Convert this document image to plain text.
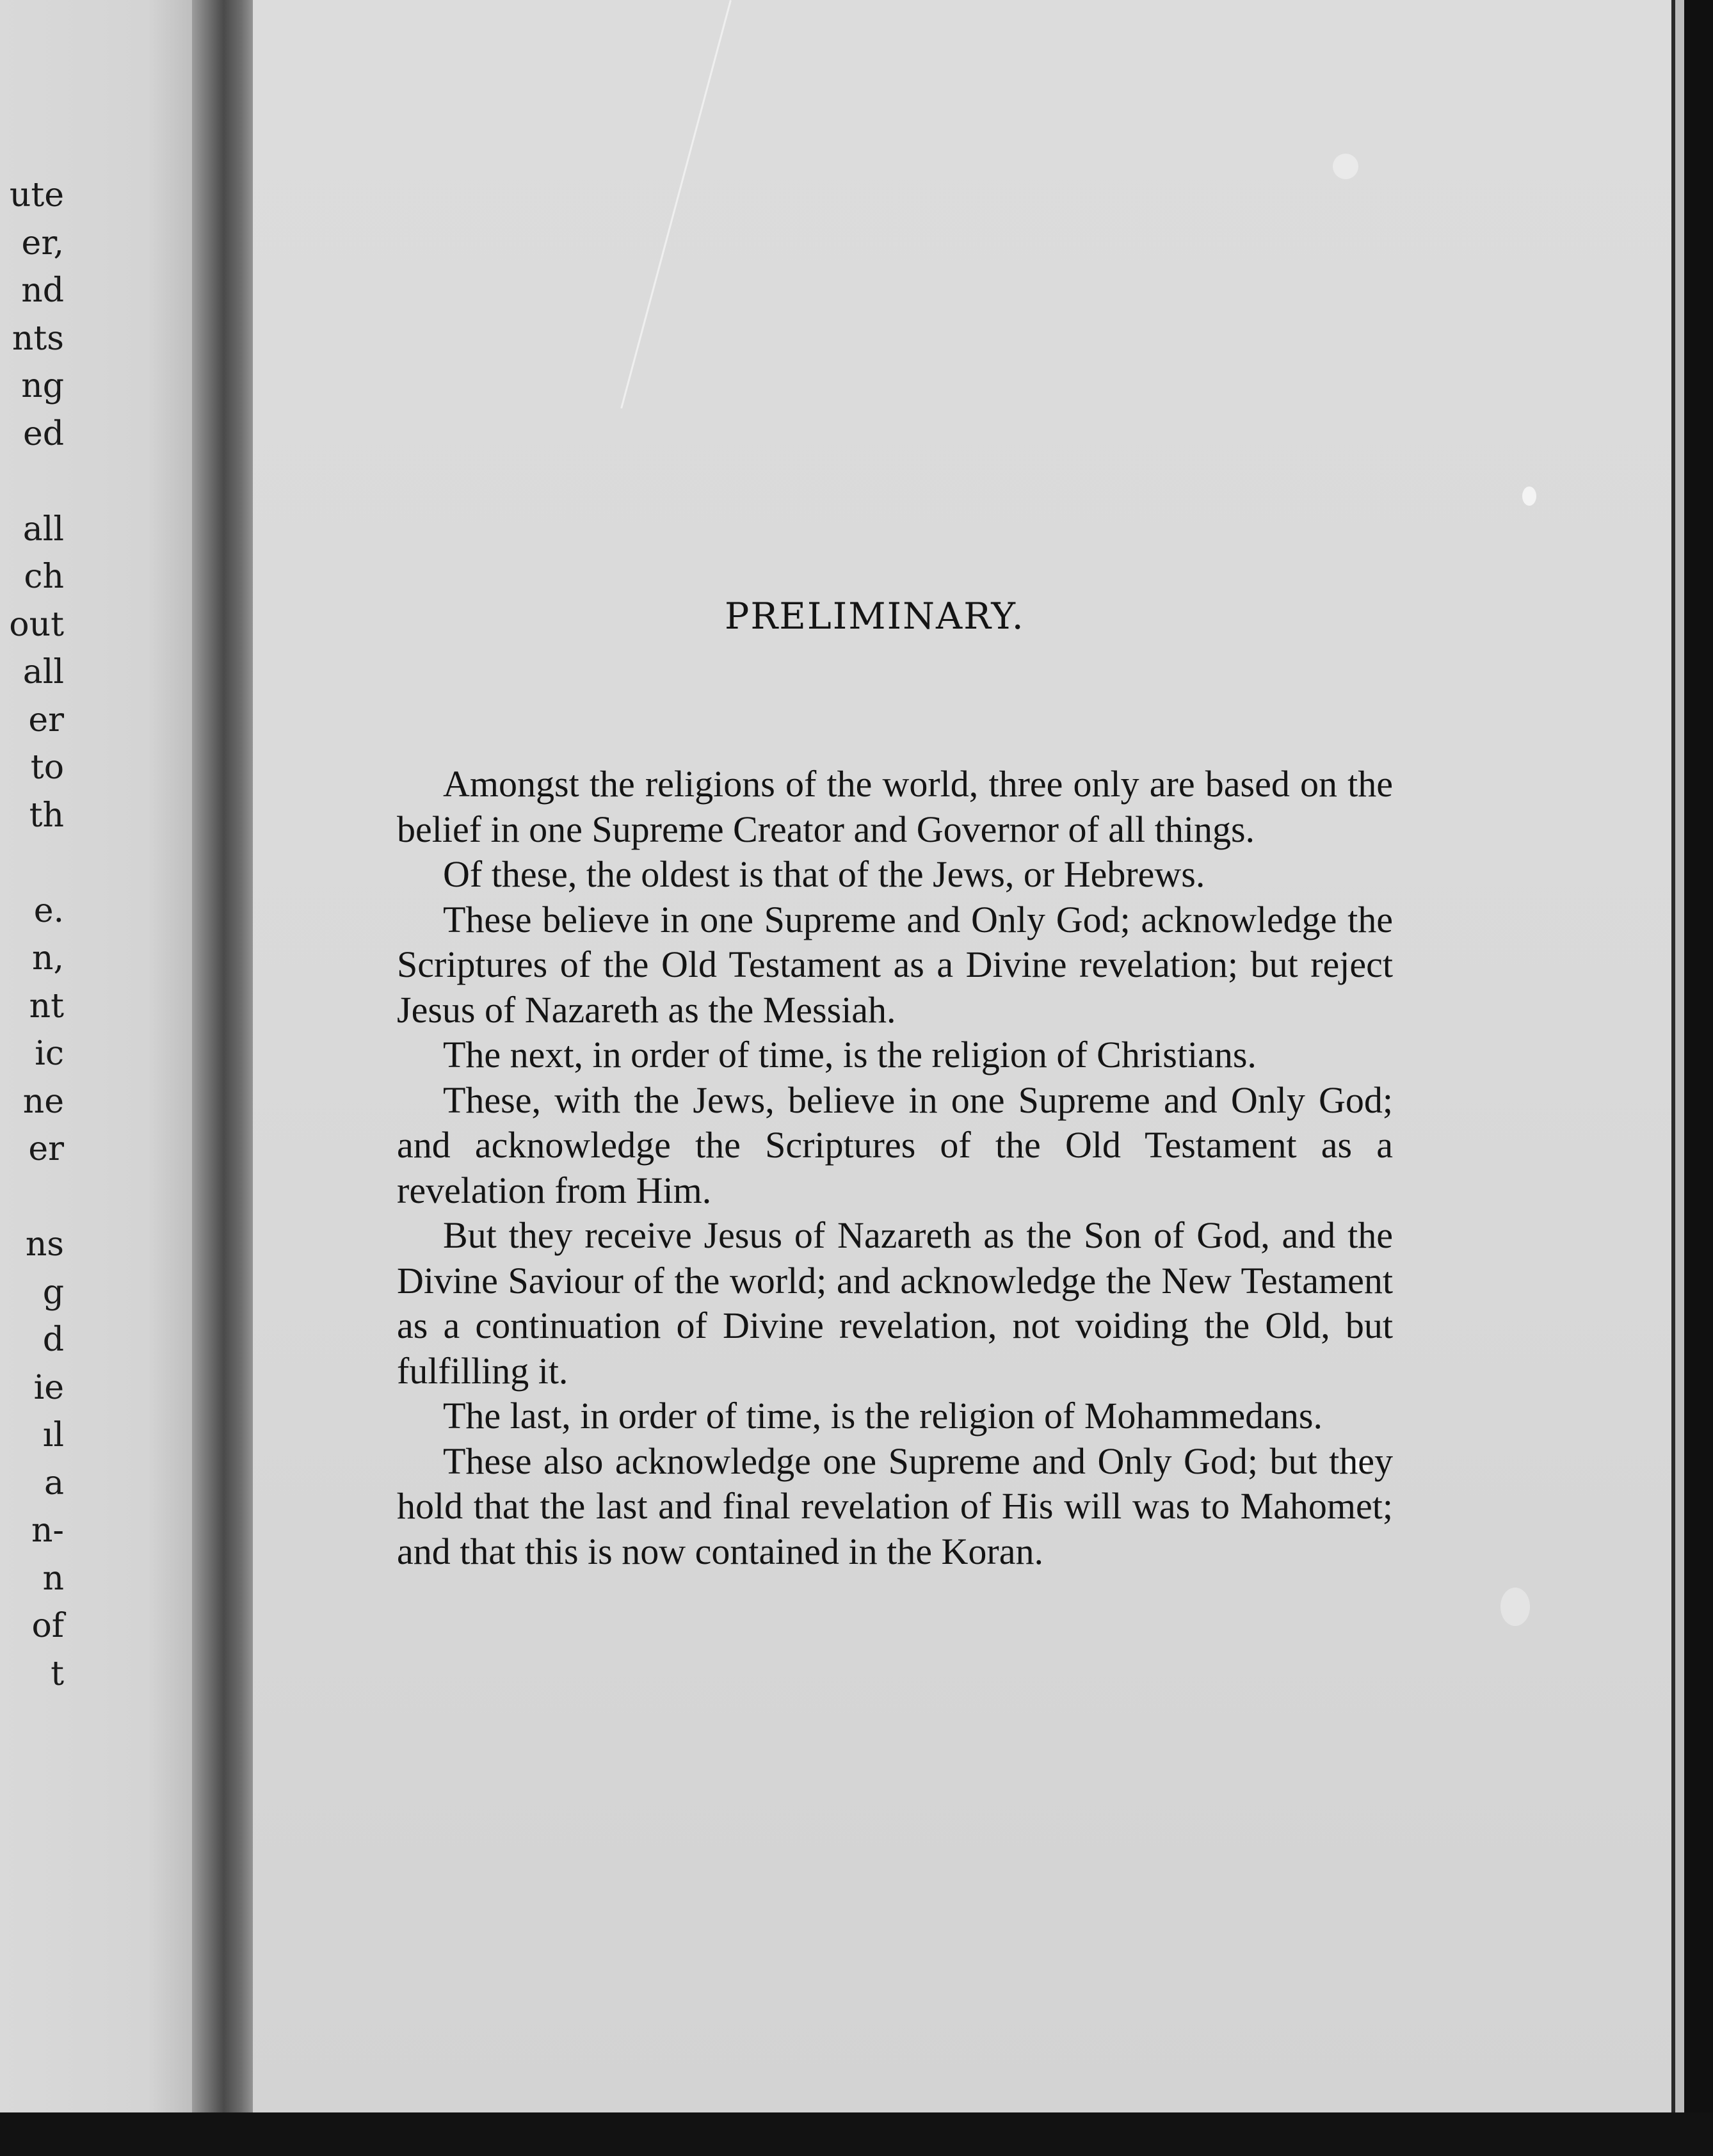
ute
er,
nd
nts
ng
ed
all
ch
out
all
er
to
th
e.
n,
nt
ic
ne
er
ns
g
d
ie
ıl
a
n-
n
of
t
PRELIMINARY.

Amongst the religions of the world, three only are based on the belief in one Supreme Creator and Governor of all things.

Of these, the oldest is that of the Jews, or Hebrews.

These believe in one Supreme and Only God; acknowledge the Scriptures of the Old Testament as a Divine revelation; but reject Jesus of Nazareth as the Messiah.

The next, in order of time, is the religion of Christians.

These, with the Jews, believe in one Supreme and Only God; and acknowledge the Scriptures of the Old Testament as a revelation from Him.

But they receive Jesus of Nazareth as the Son of God, and the Divine Saviour of the world; and acknowledge the New Testament as a continuation of Divine revelation, not voiding the Old, but fulfilling it.

The last, in order of time, is the religion of Mohammedans.

These also acknowledge one Supreme and Only God; but they hold that the last and final revelation of His will was to Mahomet; and that this is now contained in the Koran.
